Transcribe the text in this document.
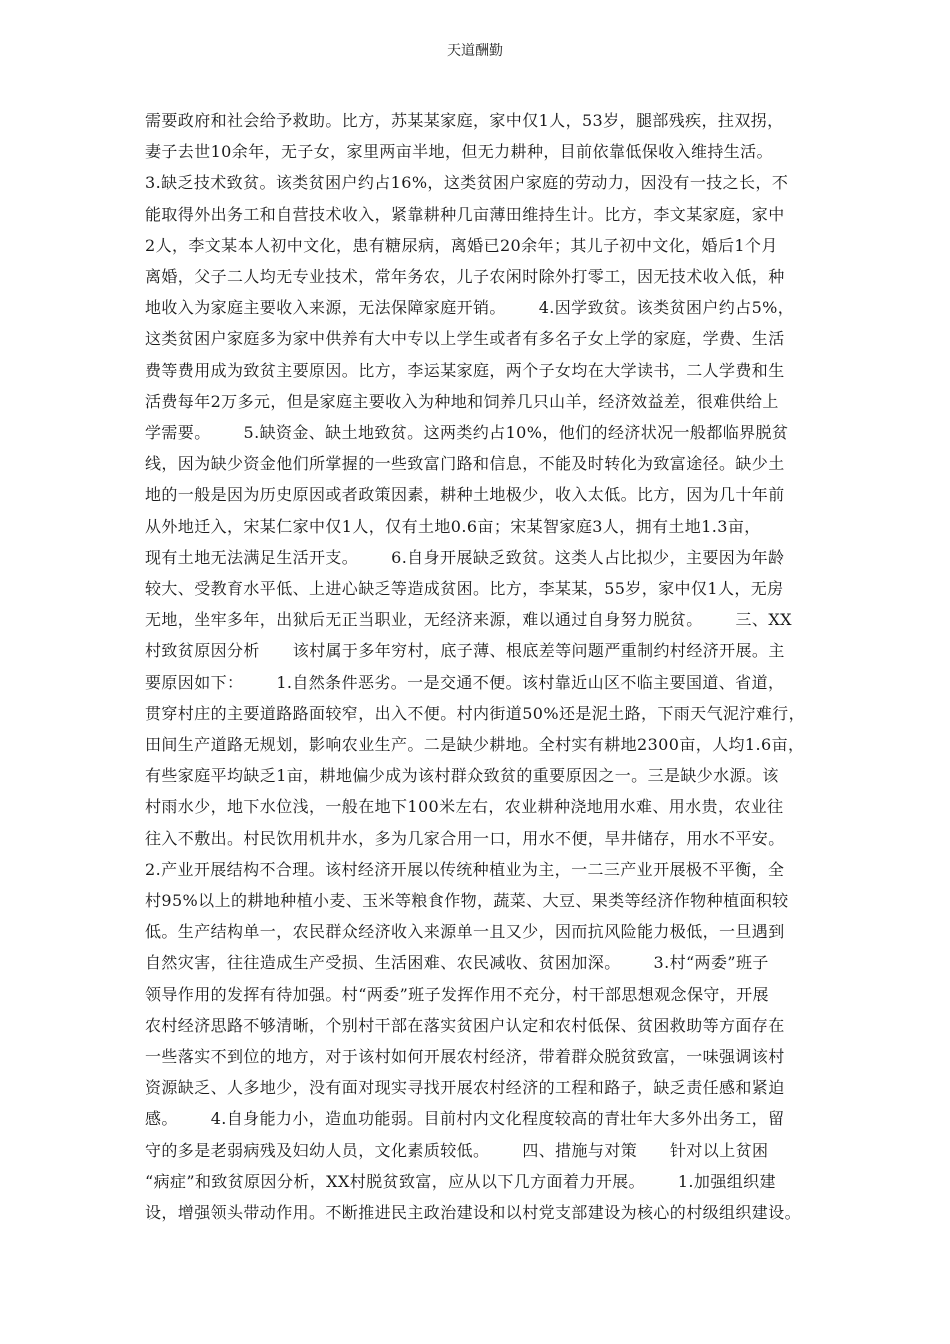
天道酬勤
需要政府和社会给予救助。比方，苏某某家庭，家中仅1人，53岁，腿部残疾，拄双拐，
妻子去世10余年，无子女，家里两亩半地，但无力耕种，目前依靠低保收入维持生活。
3.缺乏技术致贫。该类贫困户约占16%，这类贫困户家庭的劳动力，因没有一技之长，不
能取得外出务工和自营技术收入，紧靠耕种几亩薄田维持生计。比方，李文某家庭，家中
2人，李文某本人初中文化，患有糖尿病，离婚已20余年；其儿子初中文化，婚后1个月
离婚，父子二人均无专业技术，常年务农，儿子农闲时除外打零工，因无技术收入低，种
地收入为家庭主要收入来源，无法保障家庭开销。      4.因学致贫。该类贫困户约占5%，
这类贫困户家庭多为家中供养有大中专以上学生或者有多名子女上学的家庭，学费、生活
费等费用成为致贫主要原因。比方，李运某家庭，两个子女均在大学读书，二人学费和生
活费每年2万多元，但是家庭主要收入为种地和饲养几只山羊，经济效益差，很难供给上
学需要。      5.缺资金、缺土地致贫。这两类约占10%，他们的经济状况一般都临界脱贫
线，因为缺少资金他们所掌握的一些致富门路和信息，不能及时转化为致富途径。缺少土
地的一般是因为历史原因或者政策因素，耕种土地极少，收入太低。比方，因为几十年前
从外地迁入，宋某仁家中仅1人，仅有土地0.6亩；宋某智家庭3人，拥有土地1.3亩，
现有土地无法满足生活开支。      6.自身开展缺乏致贫。这类人占比拟少，主要因为年龄
较大、受教育水平低、上进心缺乏等造成贫困。比方，李某某，55岁，家中仅1人，无房
无地，坐牢多年，出狱后无正当职业，无经济来源，难以通过自身努力脱贫。      三、XX
村致贫原因分析      该村属于多年穷村，底子薄、根底差等问题严重制约村经济开展。主
要原因如下：      1.自然条件恶劣。一是交通不便。该村靠近山区不临主要国道、省道，
贯穿村庄的主要道路路面较窄，出入不便。村内街道50%还是泥土路，下雨天气泥泞难行，
田间生产道路无规划，影响农业生产。二是缺少耕地。全村实有耕地2300亩，人均1.6亩，
有些家庭平均缺乏1亩，耕地偏少成为该村群众致贫的重要原因之一。三是缺少水源。该
村雨水少，地下水位浅，一般在地下100米左右，农业耕种浇地用水难、用水贵，农业往
往入不敷出。村民饮用机井水，多为几家合用一口，用水不便，旱井储存，用水不平安。
2.产业开展结构不合理。该村经济开展以传统种植业为主，一二三产业开展极不平衡，全
村95%以上的耕地种植小麦、玉米等粮食作物，蔬菜、大豆、果类等经济作物种植面积较
低。生产结构单一，农民群众经济收入来源单一且又少，因而抗风险能力极低，一旦遇到
自然灾害，往往造成生产受损、生活困难、农民减收、贫困加深。      3.村“两委”班子
领导作用的发挥有待加强。村“两委”班子发挥作用不充分，村干部思想观念保守，开展
农村经济思路不够清晰，个别村干部在落实贫困户认定和农村低保、贫困救助等方面存在
一些落实不到位的地方，对于该村如何开展农村经济，带着群众脱贫致富，一味强调该村
资源缺乏、人多地少，没有面对现实寻找开展农村经济的工程和路子，缺乏责任感和紧迫
感。      4.自身能力小，造血功能弱。目前村内文化程度较高的青壮年大多外出务工，留
守的多是老弱病残及妇幼人员，文化素质较低。      四、措施与对策      针对以上贫困
“病症”和致贫原因分析，XX村脱贫致富，应从以下几方面着力开展。      1.加强组织建
设，增强领头带动作用。不断推进民主政治建设和以村党支部建设为核心的村级组织建设。
